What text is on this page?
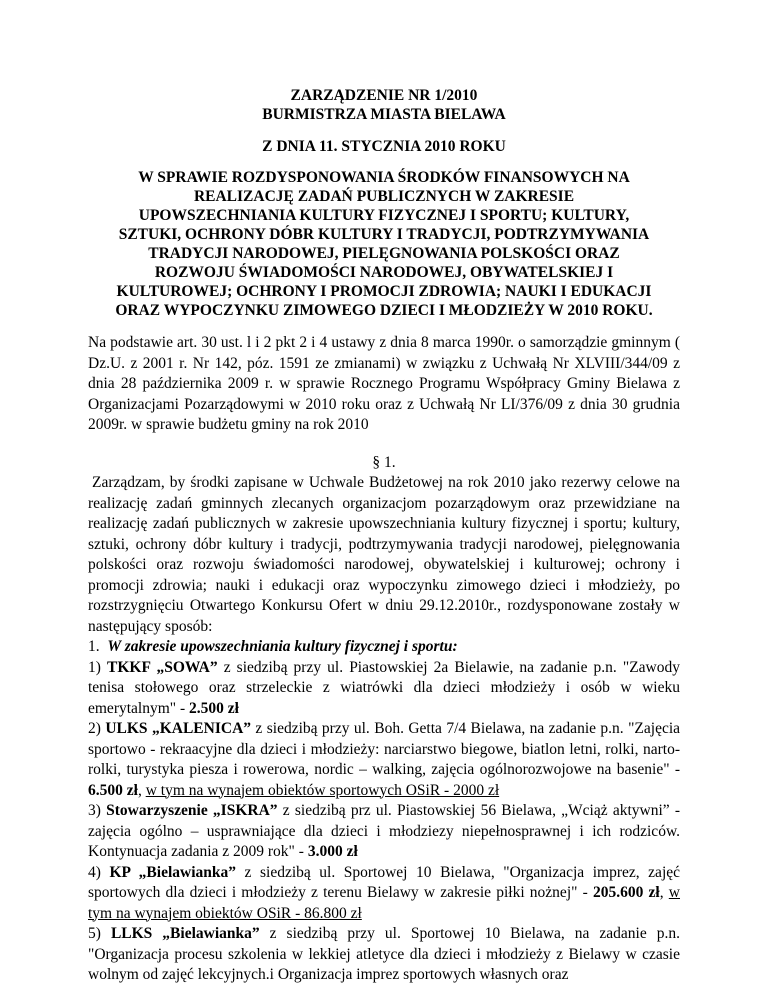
ZARZĄDZENIE NR 1/2010
BURMISTRZA MIASTA BIELAWA
Z DNIA 11. STYCZNIA 2010 ROKU
W SPRAWIE ROZDYSPONOWANIA ŚRODKÓW FINANSOWYCH NA
REALIZACJĘ ZADAŃ PUBLICZNYCH W ZAKRESIE
UPOWSZECHNIANIA KULTURY FIZYCZNEJ I SPORTU; KULTURY,
SZTUKI, OCHRONY DÓBR KULTURY I TRADYCJI, PODTRZYMYWANIA
TRADYCJI NARODOWEJ, PIELĘGNOWANIA POLSKOŚCI ORAZ
ROZWOJU ŚWIADOMOŚCI NARODOWEJ, OBYWATELSKIEJ I
KULTUROWEJ; OCHRONY I PROMOCJI ZDROWIA; NAUKI I EDUKACJI
ORAZ WYPOCZYNKU ZIMOWEGO DZIECI I MŁODZIEŻY W 2010 ROKU.
Na podstawie art. 30 ust. l i 2 pkt 2 i 4 ustawy z dnia 8 marca 1990r. o samorządzie gminnym ( Dz.U. z 2001 r. Nr 142, póz. 1591 ze zmianami) w związku z Uchwałą Nr XLVIII/344/09 z dnia 28 października 2009 r. w sprawie Rocznego Programu Współpracy Gminy Bielawa z Organizacjami Pozarządowymi w 2010 roku oraz z Uchwałą Nr LI/376/09 z dnia 30 grudnia 2009r. w sprawie budżetu gminy na rok 2010
§ 1.
Zarządzam, by środki zapisane w Uchwale Budżetowej na rok 2010 jako rezerwy celowe na realizację zadań gminnych zlecanych organizacjom pozarządowym oraz przewidziane na realizację zadań publicznych w zakresie upowszechniania kultury fizycznej i sportu; kultury, sztuki, ochrony dóbr kultury i tradycji, podtrzymywania tradycji narodowej, pielęgnowania polskości oraz rozwoju świadomości narodowej, obywatelskiej i kulturowej; ochrony i promocji zdrowia; nauki i edukacji oraz wypoczynku zimowego dzieci i młodzieży, po rozstrzygnięciu Otwartego Konkursu Ofert w dniu 29.12.2010r., rozdysponowane zostały w następujący sposób:
1. W zakresie upowszechniania kultury fizycznej i sportu:
1) TKKF „SOWA” z siedzibą przy ul. Piastowskiej 2a Bielawie, na zadanie p.n. "Zawody tenisa stołowego oraz strzeleckie z wiatrówki dla dzieci młodzieży i osób w wieku emerytalnym" - 2.500 zł
2) ULKS „KALENICA” z siedzibą przy ul. Boh. Getta 7/4 Bielawa, na zadanie p.n. "Zajęcia sportowo - rekraacyjne dla dzieci i młodzieży: narciarstwo biegowe, biatlon letni, rolki, narto-rolki, turystyka piesza i rowerowa, nordic – walking, zajęcia ogólnorozwojowe na basenie" - 6.500 zł, w tym na wynajem obiektów sportowych OSiR - 2000 zł
3) Stowarzyszenie „ISKRA” z siedzibą prz ul. Piastowskiej 56 Bielawa, „Wciąż aktywni” - zajęcia ogólno – usprawniające dla dzieci i młodziezy niepełnosprawnej i ich rodziców. Kontynuacja zadania z 2009 rok" - 3.000 zł
4) KP „Bielawianka” z siedzibą ul. Sportowej 10 Bielawa, "Organizacja imprez, zajęć sportowych dla dzieci i młodzieży z terenu Bielawy w zakresie piłki nożnej" - 205.600 zł, w tym na wynajem obiektów OSiR - 86.800 zł
5) LLKS „Bielawianka” z siedzibą przy ul. Sportowej 10 Bielawa, na zadanie p.n. "Organizacja procesu szkolenia w lekkiej atletyce dla dzieci i młodzieży z Bielawy w czasie wolnym od zajęć lekcyjnych.i Organizacja imprez sportowych własnych oraz
